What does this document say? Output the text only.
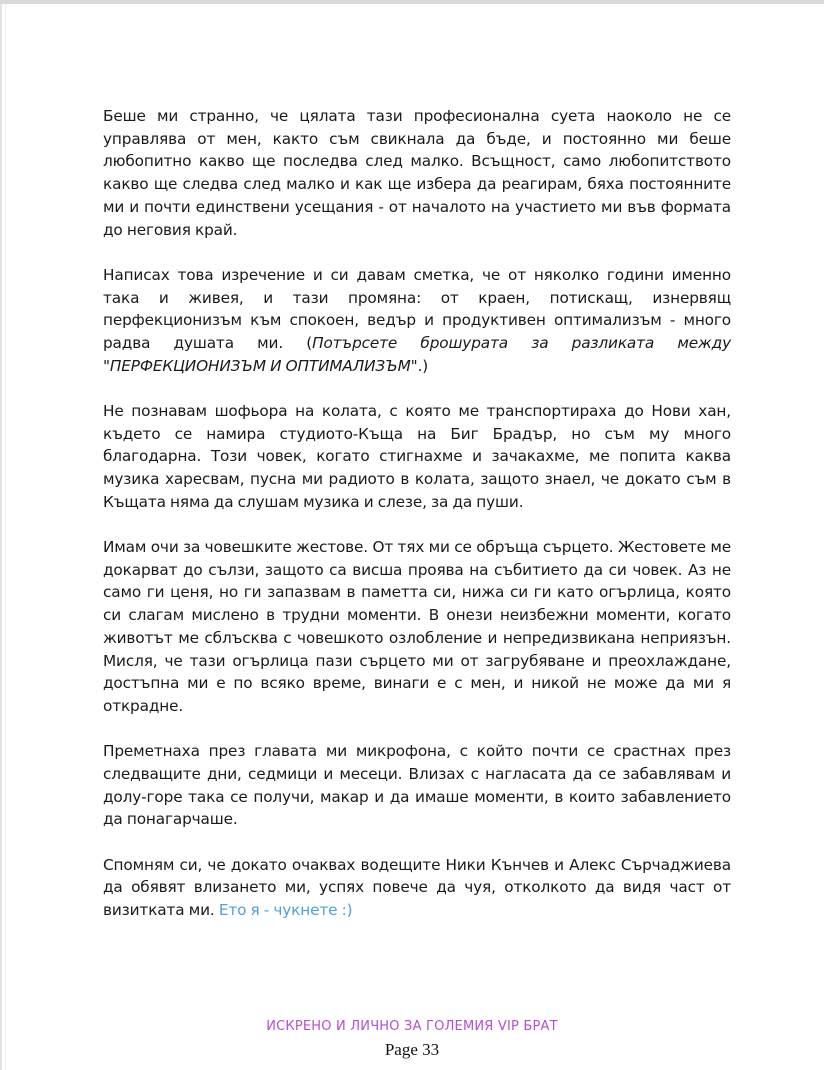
Беше ми странно, че цялата тази професионална суета наоколо не се управлява от мен, както съм свикнала да бъде, и постоянно ми беше любопитно какво ще последва след малко. Всъщност, само любопитството какво ще следва след малко и как ще избера да реагирам, бяха постоянните ми и почти единствени усещания - от началото на участието ми във формата до неговия край.

Написах това изречение и си давам сметка, че от няколко години именно така и живея, и тази промяна: от краен, потискащ, изнервящ перфекционизъм към спокоен, ведър и продуктивен оптимализъм - много радва душата ми. (Потърсете брошурата за разликата между "ПЕРФЕКЦИОНИЗЪМ И ОПТИМАЛИЗЪМ".)

Не познавам шофьора на колата, с която ме транспортираха до Нови хан, където се намира студиото-Къща на Биг Брадър, но съм му много благодарна. Този човек, когато стигнахме и зачакахме, ме попита каква музика харесвам, пусна ми радиото в колата, защото знаел, че докато съм в Къщата няма да слушам музика и слезе, за да пуши.

Имам очи за човешките жестове. От тях ми се обръща сърцето. Жестовете ме докарват до сълзи, защото са висша проява на събитието да си човек. Аз не само ги ценя, но ги запазвам в паметта си, нижа си ги като огърлица, която си слагам мислено в трудни моменти. В онези неизбежни моменти, когато животът ме сблъсква с човешкото озлобление и непредизвикана неприязън. Мисля, че тази огърлица пази сърцето ми от загрубяване и преохлаждане, достъпна ми е по всяко време, винаги е с мен, и никой не може да ми я открадне.

Преметнаха през главата ми микрофона, с който почти се срастнах през следващите дни, седмици и месеци. Влизах с нагласата да се забавлявам и долу-горе така се получи, макар и да имаше моменти, в които забавлението да понагарчаше.

Спомням си, че докато очаквах водещите Ники Кънчев и Алекс Сърчаджиева да обявят влизането ми, успях повече да чуя, отколкото да видя част от визитката ми. Ето я - чукнете :)

ИСКРЕНО И ЛИЧНО ЗА ГОЛЕМИЯ VIP БРАТ
Page 33
